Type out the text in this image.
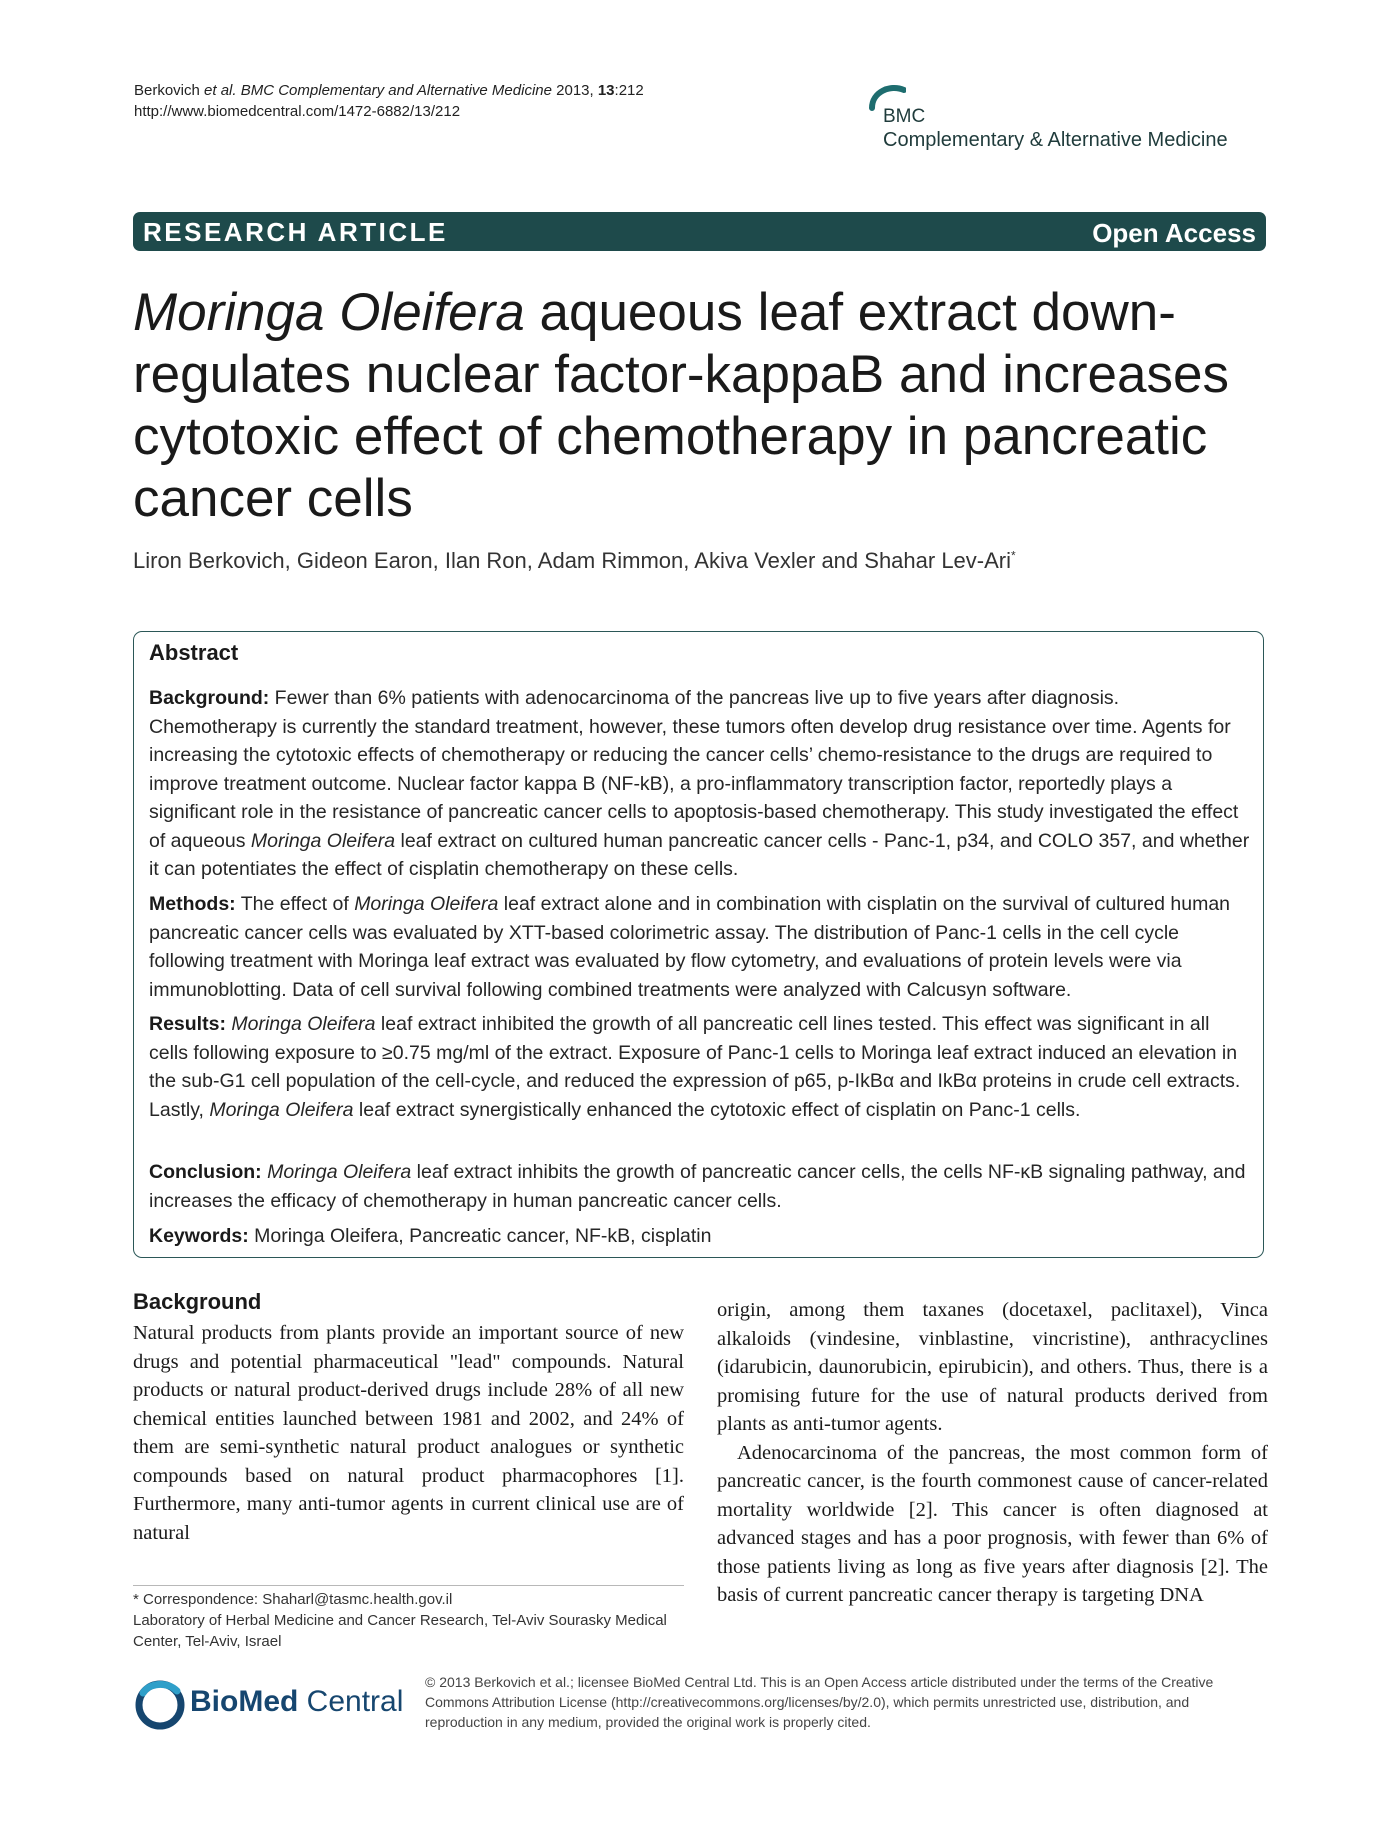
Berkovich et al. BMC Complementary and Alternative Medicine 2013, 13:212
http://www.biomedcentral.com/1472-6882/13/212	BMC
Complementary & Alternative Medicine
RESEARCH ARTICLE	Open Access
Moringa Oleifera aqueous leaf extract down-regulates nuclear factor-kappaB and increases cytotoxic effect of chemotherapy in pancreatic cancer cells
Liron Berkovich, Gideon Earon, Ilan Ron, Adam Rimmon, Akiva Vexler and Shahar Lev-Ari*
Abstract
Background: Fewer than 6% patients with adenocarcinoma of the pancreas live up to five years after diagnosis. Chemotherapy is currently the standard treatment, however, these tumors often develop drug resistance over time. Agents for increasing the cytotoxic effects of chemotherapy or reducing the cancer cells’ chemo-resistance to the drugs are required to improve treatment outcome. Nuclear factor kappa B (NF-kB), a pro-inflammatory transcription factor, reportedly plays a significant role in the resistance of pancreatic cancer cells to apoptosis-based chemotherapy. This study investigated the effect of aqueous Moringa Oleifera leaf extract on cultured human pancreatic cancer cells - Panc-1, p34, and COLO 357, and whether it can potentiates the effect of cisplatin chemotherapy on these cells.
Methods: The effect of Moringa Oleifera leaf extract alone and in combination with cisplatin on the survival of cultured human pancreatic cancer cells was evaluated by XTT-based colorimetric assay. The distribution of Panc-1 cells in the cell cycle following treatment with Moringa leaf extract was evaluated by flow cytometry, and evaluations of protein levels were via immunoblotting. Data of cell survival following combined treatments were analyzed with Calcusyn software.
Results: Moringa Oleifera leaf extract inhibited the growth of all pancreatic cell lines tested. This effect was significant in all cells following exposure to ≥0.75 mg/ml of the extract. Exposure of Panc-1 cells to Moringa leaf extract induced an elevation in the sub-G1 cell population of the cell-cycle, and reduced the expression of p65, p-IkBα and IkBα proteins in crude cell extracts. Lastly, Moringa Oleifera leaf extract synergistically enhanced the cytotoxic effect of cisplatin on Panc-1 cells.
Conclusion: Moringa Oleifera leaf extract inhibits the growth of pancreatic cancer cells, the cells NF-κB signaling pathway, and increases the efficacy of chemotherapy in human pancreatic cancer cells.
Keywords: Moringa Oleifera, Pancreatic cancer, NF-kB, cisplatin
Background

Natural products from plants provide an important source of new drugs and potential pharmaceutical "lead" compounds. Natural products or natural product-derived drugs include 28% of all new chemical entities launched between 1981 and 2002, and 24% of them are semi-synthetic natural product analogues or synthetic compounds based on natural product pharmacophores [1]. Furthermore, many anti-tumor agents in current clinical use are of natural

origin, among them taxanes (docetaxel, paclitaxel), Vinca alkaloids (vindesine, vinblastine, vincristine), anthracyclines (idarubicin, daunorubicin, epirubicin), and others. Thus, there is a promising future for the use of natural products derived from plants as anti-tumor agents.

Adenocarcinoma of the pancreas, the most common form of pancreatic cancer, is the fourth commonest cause of cancer-related mortality worldwide [2]. This cancer is often diagnosed at advanced stages and has a poor prognosis, with fewer than 6% of those patients living as long as five years after diagnosis [2]. The basis of current pancreatic cancer therapy is targeting DNA

* Correspondence: Shaharl@tasmc.health.gov.il
Laboratory of Herbal Medicine and Cancer Research, Tel-Aviv Sourasky Medical Center, Tel-Aviv, Israel
BioMed Central
© 2013 Berkovich et al.; licensee BioMed Central Ltd. This is an Open Access article distributed under the terms of the Creative Commons Attribution License (http://creativecommons.org/licenses/by/2.0), which permits unrestricted use, distribution, and reproduction in any medium, provided the original work is properly cited.
